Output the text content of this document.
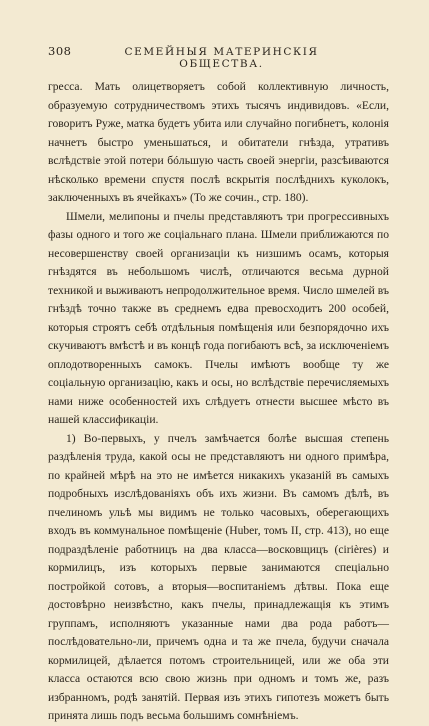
308	СЕМЕЙНЫЯ МАТЕРИНСКІЯ ОБЩЕСТВА.

гресса. Мать олицетворяетъ собой коллективную личность, образуемую сотрудничествомъ этихъ тысячъ индивидовъ. «Если, говоритъ Руже, матка будетъ убита или случайно погибнетъ, колонія начнетъ быстро уменьшаться, и обитатели гнѣзда, утративъ вслѣдствіе этой потери бóльшую часть своей энергіи, разсѣиваются нѣсколько времени спустя послѣ вскрытія послѣднихъ куколокъ, заключенныхъ въ ячейкахъ» (То же сочин., стр. 180).

Шмели, мелипоны и пчелы представляютъ три прогрессивныхъ фазы одного и того же соціальнаго плана. Шмели приближаются по несовершенству своей организаціи къ низшимъ осамъ, которыя гнѣздятся въ небольшомъ числѣ, отличаются весьма дурной техникой и выживаютъ непродолжительное время. Число шмелей въ гнѣздѣ точно также въ среднемъ едва превосходитъ 200 особей, которыя строятъ себѣ отдѣльныя помѣщенія или безпорядочно ихъ скучиваютъ вмѣстѣ и въ концѣ года погибаютъ всѣ, за исключеніемъ оплодотворенныхъ самокъ. Пчелы имѣютъ вообще ту же соціальную организацію, какъ и осы, но вслѣдствіе перечисляемыхъ нами ниже особенностей ихъ слѣдуетъ отнести высшее мѣсто въ нашей классификаціи.

1) Во-первыхъ, у пчелъ замѣчается болѣе высшая степень раздѣленія труда, какой осы не представляютъ ни одного примѣра, по крайней мѣрѣ на это не имѣется никакихъ указаній въ самыхъ подробныхъ изслѣдованіяхъ объ ихъ жизни. Въ самомъ дѣлѣ, въ пчелиномъ ульѣ мы видимъ не только часовыхъ, оберегающихъ входъ въ коммунальное помѣщеніе (Huber, томъ II, стр. 413), но еще подраздѣленіе работницъ на два класса—восковщицъ (cirières) и кормилицъ, изъ которыхъ первые занимаются спеціально постройкой сотовъ, а вторыя—воспитаніемъ дѣтвы. Пока еще достовѣрно неизвѣстно, какъ пчелы, принадлежащія къ этимъ группамъ, исполняютъ указанные нами два рода работъ—послѣдовательно-ли, причемъ одна и та же пчела, будучи сначала кормилицей, дѣлается потомъ строительницей, или же оба эти класса остаются всю свою жизнь при одномъ и томъ же, разъ избранномъ, родѣ занятій. Первая изъ этихъ гипотезъ можетъ быть принята лишь подъ весьма большимъ сомнѣніемъ.
